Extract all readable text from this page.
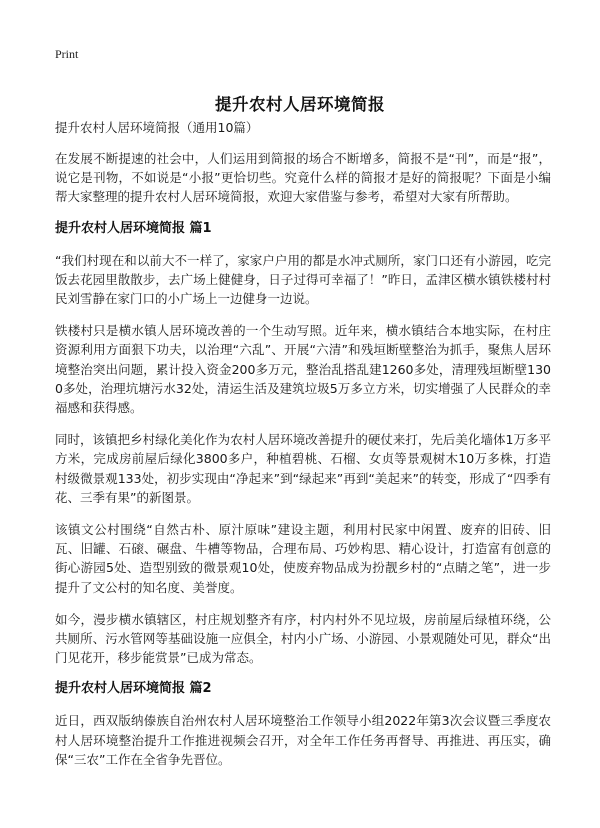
Print
提升农村人居环境简报
提升农村人居环境简报（通用10篇）

在发展不断提速的社会中，人们运用到简报的场合不断增多，简报不是“刊”，而是“报”，说它是刊物，不如说是“小报”更恰切些。究竟什么样的简报才是好的简报呢？下面是小编帮大家整理的提升农村人居环境简报，欢迎大家借鉴与参考，希望对大家有所帮助。

提升农村人居环境简报 篇1

“我们村现在和以前大不一样了，家家户户用的都是水冲式厕所，家门口还有小游园，吃完饭去花园里散散步，去广场上健健身，日子过得可幸福了！”昨日，孟津区横水镇铁楼村村民刘雪静在家门口的小广场上一边健身一边说。

铁楼村只是横水镇人居环境改善的一个生动写照。近年来，横水镇结合本地实际，在村庄资源利用方面狠下功夫，以治理“六乱”、开展“六清”和残垣断壁整治为抓手，聚焦人居环境整治突出问题，累计投入资金200多万元，整治乱搭乱建1260多处，清理残垣断壁1300多处，治理坑塘污水32处，清运生活及建筑垃圾5万多立方米，切实增强了人民群众的幸福感和获得感。

同时，该镇把乡村绿化美化作为农村人居环境改善提升的硬仗来打，先后美化墙体1万多平方米，完成房前屋后绿化3800多户，种植碧桃、石榴、女贞等景观树木10万多株，打造村级微景观133处，初步实现由“净起来”到“绿起来”再到“美起来”的转变，形成了“四季有花、三季有果”的新图景。

该镇文公村围绕“自然古朴、原汁原味”建设主题，利用村民家中闲置、废弃的旧砖、旧瓦、旧罐、石磙、碾盘、牛槽等物品，合理布局、巧妙构思、精心设计，打造富有创意的街心游园5处、造型别致的微景观10处，使废弃物品成为扮靓乡村的“点睛之笔”，进一步提升了文公村的知名度、美誉度。

如今，漫步横水镇辖区，村庄规划整齐有序，村内村外不见垃圾，房前屋后绿植环绕，公共厕所、污水管网等基础设施一应俱全，村内小广场、小游园、小景观随处可见，群众“出门见花开，移步能赏景”已成为常态。

提升农村人居环境简报 篇2

近日，西双版纳傣族自治州农村人居环境整治工作领导小组2022年第3次会议暨三季度农村人居环境整治提升工作推进视频会召开，对全年工作任务再督导、再推进、再压实，确保“三农”工作在全省争先晋位。
